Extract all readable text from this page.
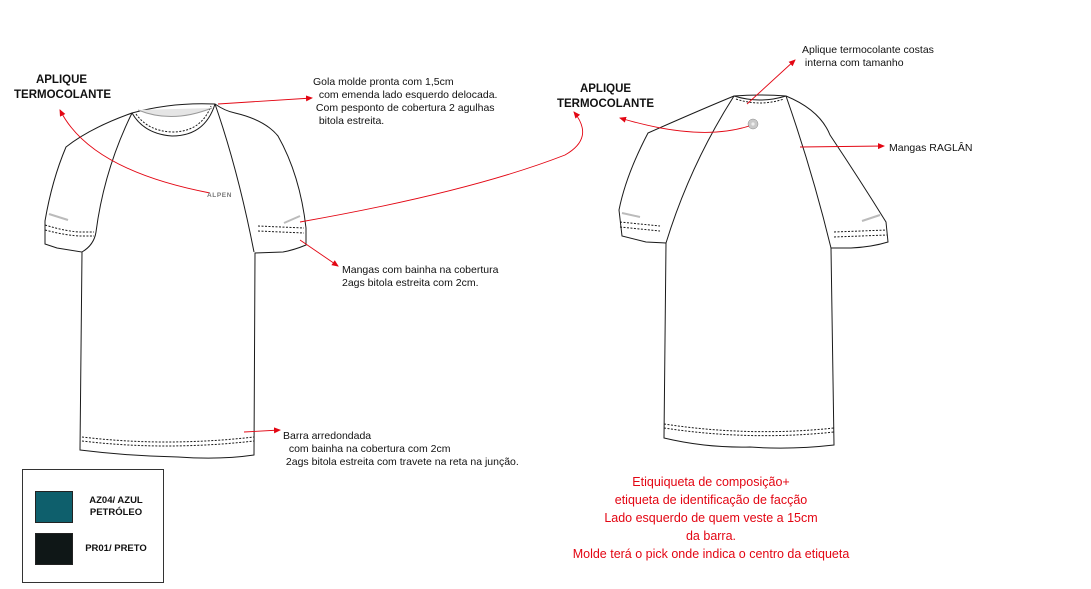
ALPEN
APLIQUE
TERMOCOLANTE	APLIQUE
TERMOCOLANTE
Gola molde pronta com 1,5cm
com emenda lado esquerdo delocada.
Com pesponto de cobertura 2 agulhas
bitola estreita.
Mangas com bainha na cobertura
2ags bitola estreita com 2cm.
Barra arredondada
com bainha na cobertura com 2cm
2ags bitola estreita com travete na reta na junção.
Aplique termocolante costas
interna com tamanho
Mangas RAGLÂN
Etiquiqueta de composição+
etiqueta de identificação de facção
Lado esquerdo de quem veste a 15cm
da barra.
Molde terá o pick onde indica o centro da etiqueta
AZ04/ AZUL
PETRÓLEO
PR01/ PRETO
